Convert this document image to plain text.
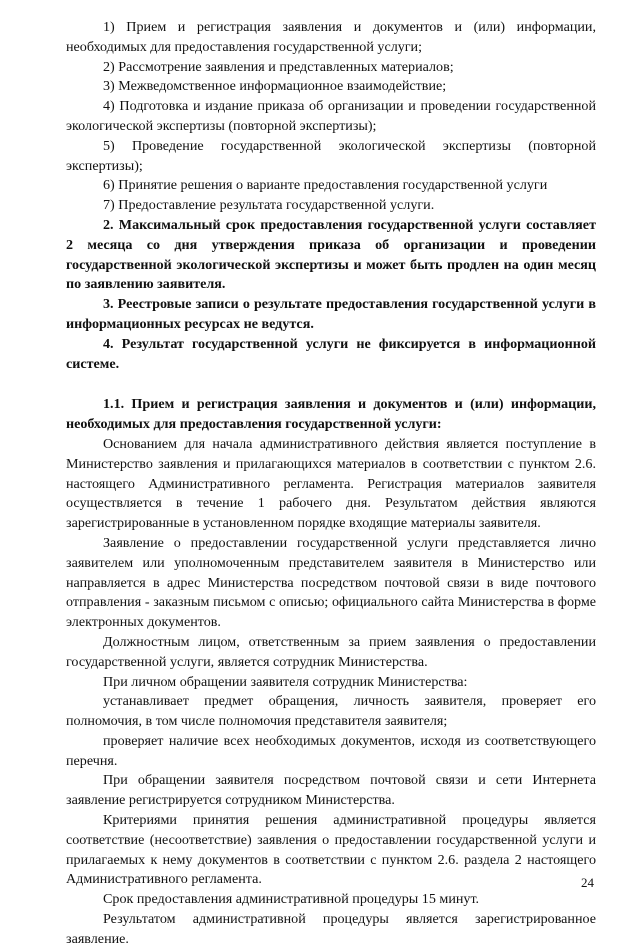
1) Прием и регистрация заявления и документов и (или) информации, необходимых для предоставления государственной услуги;

2) Рассмотрение заявления и представленных материалов;

3) Межведомственное информационное взаимодействие;

4) Подготовка и издание приказа об организации и проведении государственной экологической экспертизы (повторной экспертизы);

5) Проведение государственной экологической экспертизы (повторной экспертизы);

6) Принятие решения о варианте предоставления государственной услуги

7) Предоставление результата государственной услуги.

2. Максимальный срок предоставления государственной услуги составляет 2 месяца со дня утверждения приказа об организации и проведении государственной экологической экспертизы и может быть продлен на один месяц по заявлению заявителя.

3. Реестровые записи о результате предоставления государственной услуги в информационных ресурсах не ведутся.

4. Результат государственной услуги не фиксируется в информационной системе.

1.1. Прием и регистрация заявления и документов и (или) информации, необходимых для предоставления государственной услуги:

Основанием для начала административного действия является поступление в Министерство заявления и прилагающихся материалов в соответствии с пунктом 2.6. настоящего Административного регламента. Регистрация материалов заявителя осуществляется в течение 1 рабочего дня. Результатом действия являются зарегистрированные в установленном порядке входящие материалы заявителя.

Заявление о предоставлении государственной услуги представляется лично заявителем или уполномоченным представителем заявителя в Министерство или направляется в адрес Министерства посредством почтовой связи в виде почтового отправления - заказным письмом с описью; официального сайта Министерства в форме электронных документов.

Должностным лицом, ответственным за прием заявления о предоставлении государственной услуги, является сотрудник Министерства.

При личном обращении заявителя сотрудник Министерства:

устанавливает предмет обращения, личность заявителя, проверяет его полномочия, в том числе полномочия представителя заявителя;

проверяет наличие всех необходимых документов, исходя из соответствующего перечня.

При обращении заявителя посредством почтовой связи и сети Интернета заявление регистрируется сотрудником Министерства.

Критериями принятия решения административной процедуры является соответствие (несоответствие) заявления о предоставлении государственной услуги и прилагаемых к нему документов в соответствии с пунктом 2.6. раздела 2 настоящего Административного регламента.

Срок предоставления административной процедуры 15 минут.

Результатом административной процедуры является зарегистрированное заявление.

24
